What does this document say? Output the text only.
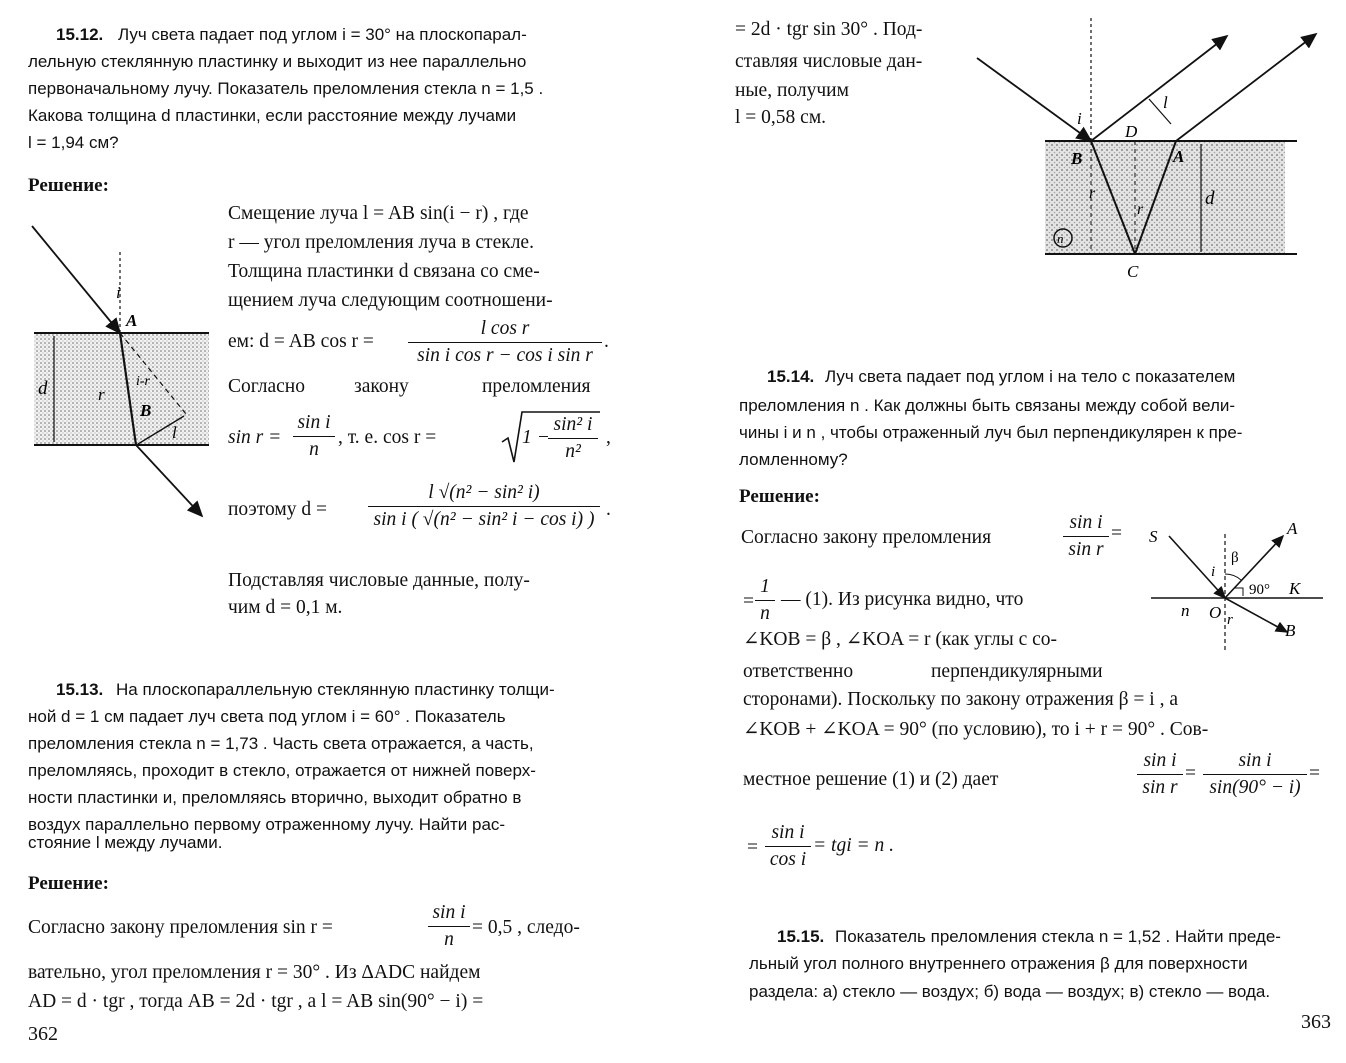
15.12. Луч света падает под углом i = 30° на плоскопарал-
лельную стеклянную пластинку и выходит из нее параллельно
первоначальному лучу. Показатель преломления стекла n = 1,5 .
Какова толщина d пластинки, если расстояние между лучами
l = 1,94 см?
Решение:
Смещение луча l = AB sin(i − r) , где
r — угол преломления луча в стекле.
Толщина пластинки d связана со сме-
щением луча следующим соотношени-
ем: d = AB cos r =
l cos r
sin i cos r − cos i sin r
.
Согласно	закону	преломления
sin r =
sin i
n
, т. е. cos r =	1 −
sin² i
n²
,
поэтому d =
l √(n² − sin² i)
sin i ( √(n² − sin² i − cos i) ) .
Подставляя числовые данные, полу-
чим d = 0,1 м.
i
A
d	r
i-r
B
l
15.13. На плоскопараллельную стеклянную пластинку толщи-
ной d = 1 см падает луч света под углом i = 60° . Показатель
преломления стекла n = 1,73 . Часть света отражается, а часть,
преломляясь, проходит в стекло, отражается от нижней поверх-
ности пластинки и, преломляясь вторично, выходит обратно в
воздух параллельно первому отраженному лучу. Найти рас-
стояние l между лучами.
Решение:
Согласно закону преломления sin r =
sin i
n
= 0,5 , следо-
вательно, угол преломления r = 30° . Из ΔADC найдем
AD = d · tgr , тогда AB = 2d · tgr , а l = AB sin(90° − i) =
362
= 2d · tgr sin 30° . Под-
ставляя числовые дан-
ные, получим
l = 0,58 см.	i
D
l
B	A
r
r
d
n
C
15.14. Луч света падает под углом i на тело с показателем
преломления n . Как должны быть связаны между собой вели-
чины i и n , чтобы отраженный луч был перпендикулярен к пре-
ломленному?
Решение:
Согласно закону преломления
sin i
sin r
=
=
1
n
— (1). Из рисунка видно, что
∠KOB = β , ∠KOA = r (как углы с со-
ответственно	перпендикулярными
сторонами). Поскольку по закону отражения β = i , а
∠KOB + ∠KOA = 90° (по условию), то i + r = 90° . Сов-
местное решение (1) и (2) дает
sin i
sin r
=
sin i
sin(90° − i)
=
=
sin i
cos i
= tgi = n .
S	A
i
β
90° K
n O r
B
15.15. Показатель преломления стекла n = 1,52 . Найти преде-
льный угол полного внутреннего отражения β для поверхности
раздела: а) стекло — воздух; б) вода — воздух; в) стекло — вода.
363
